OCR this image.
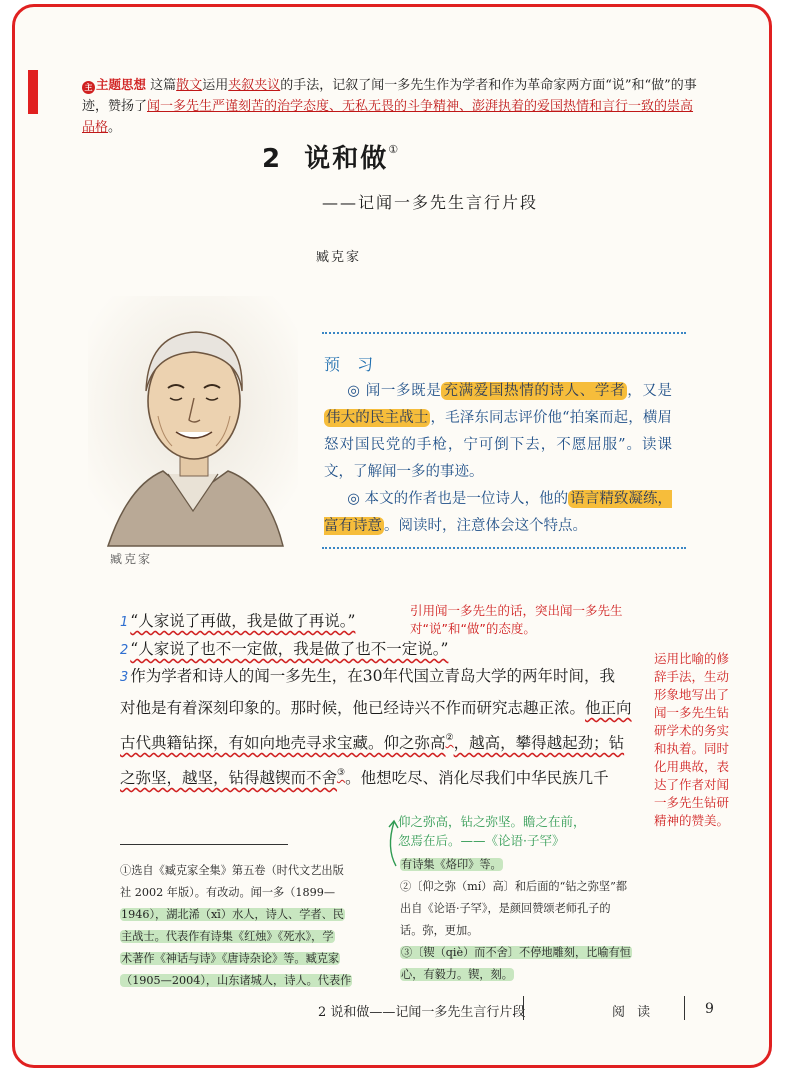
主 主题思想 这篇散文运用夹叙夹议的手法，记叙了闻一多先生作为学者和作为革命家两方面“说”和“做”的事迹，赞扬了闻一多先生严谨刻苦的治学态度、无私无畏的斗争精神、澎湃执着的爱国热情和言行一致的崇高品格。
2 说和做①
——记闻一多先生言行片段
臧克家
臧克家
预 习
◎ 闻一多既是 充满爱国热情的诗人、学者 ，又是伟大的民主战士 ，毛泽东同志评价他“拍案而起，横眉怒对国民党的手枪，宁可倒下去，不愿屈服”。读课文，了解闻一多的事迹。
◎ 本文的作者也是一位诗人，他的 语言精致凝练，富有诗意 。阅读时，注意体会这个特点。
1 “人家说了再做，我是做了再说。”
2 “人家说了也不一定做，我是做了也不一定说。”
3 作为学者和诗人的闻一多先生，在30年代国立青岛大学的两年时间，我
对他是有着深刻印象的。那时候，他已经诗兴不作而研究志趣正浓。他正向
古代典籍钻探，有如向地壳寻求宝藏。仰之弥高②，越高，攀得越起劲；钻
之弥坚，越坚，钻得越锲而不舍③。他想吃尽、消化尽我们中华民族几千
引用闻一多先生的话，突出闻一多先生
对“说”和“做”的态度。
运用比喻的修
辞手法，生动
形象地写出了
闻一多先生钻
研学术的务实
和执着。同时
化用典故，表
达了作者对闻
一多先生钻研
精神的赞美。
仰之弥高，钻之弥坚。瞻之在前，
忽焉在后。——《论语·子罕》
①选自《臧克家全集》第五卷（时代文艺出版
社 2002 年版）。有改动。闻一多（1899—
1946），湖北浠（xī）水人，诗人、学者、民
主战士。代表作有诗集《红烛》《死水》，学
术著作《神话与诗》《唐诗杂论》等。臧克家
（1905—2004），山东诸城人，诗人。代表作
有诗集《烙印》等。
②〔仰之弥（mí）高〕和后面的“钻之弥坚”都
出自《论语·子罕》，是颜回赞颂老师孔子的
话。弥，更加。
③〔锲（qiè）而不舍〕不停地雕刻，比喻有恒
心，有毅力。锲，刻。
2 说和做——记闻一多先生言行片段	阅 读	9
